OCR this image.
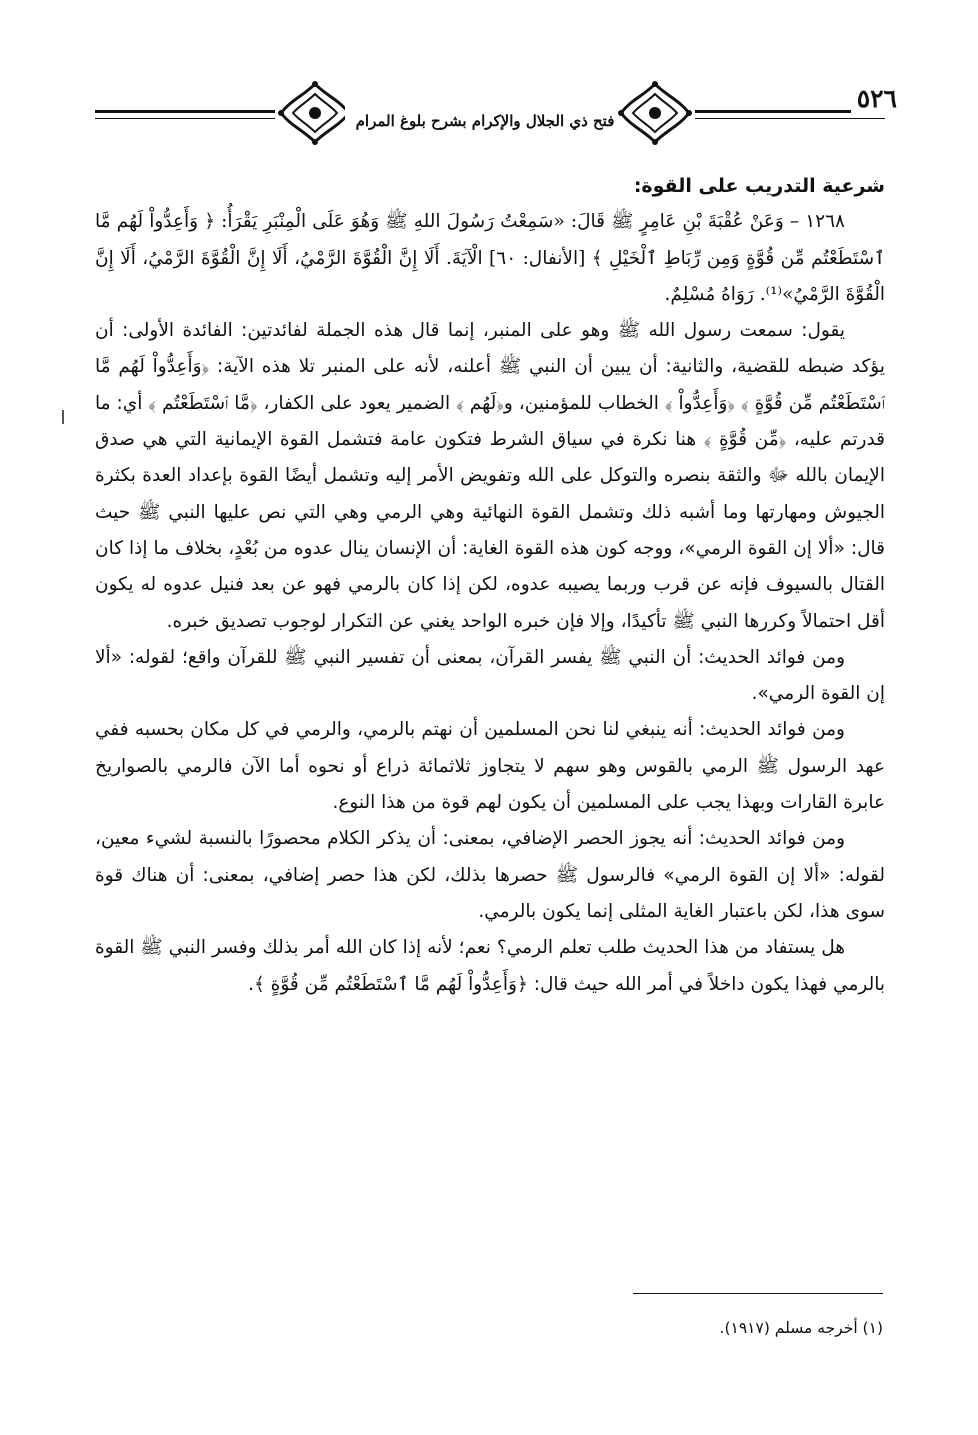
فتح ذي الجلال والإكرام بشرح بلوغ المرام
٥٢٦

شرعية التدريب على القوة:

١٢٦٨ – وَعَنْ عُقْبَةَ بْنِ عَامِرٍ ﷺ قَالَ: «سَمِعْتُ رَسُولَ اللهِ ﷺ وَهُوَ عَلَى الْمِنْبَرِ يَقْرَأُ: ﴿ وَأَعِدُّواْ لَهُم مَّا ٱسْتَطَعْتُم مِّن قُوَّةٍ وَمِن رِّبَاطِ ٱلْخَيْلِ ﴾ [الأنفال: ٦٠] الْآيَةَ. أَلَا إِنَّ الْقُوَّةَ الرَّمْيُ، أَلَا إِنَّ الْقُوَّةَ الرَّمْيُ، أَلَا إِنَّ الْقُوَّةَ الرَّمْيُ»⁽¹⁾. رَوَاهُ مُسْلِمٌ.

يقول: سمعت رسول الله ﷺ وهو على المنبر، إنما قال هذه الجملة لفائدتين: الفائدة الأولى: أن يؤكد ضبطه للقضية، والثانية: أن يبين أن النبي ﷺ أعلنه، لأنه على المنبر تلا هذه الآية: ﴿وَأَعِدُّواْ لَهُم مَّا ٱسْتَطَعْتُم مِّن قُوَّةٍ ﴾ ﴿وَأَعِدُّواْ ﴾ الخطاب للمؤمنين، و﴿لَهُم ﴾ الضمير يعود على الكفار، ﴿مَّا ٱسْتَطَعْتُم ﴾ أي: ما قدرتم عليه، ﴿مِّن قُوَّةٍ ﴾ هنا نكرة في سياق الشرط فتكون عامة فتشمل القوة الإيمانية التي هي صدق الإيمان بالله ﷻ والثقة بنصره والتوكل على الله وتفويض الأمر إليه وتشمل أيضًا القوة بإعداد العدة بكثرة الجيوش ومهارتها وما أشبه ذلك وتشمل القوة النهائية وهي الرمي وهي التي نص عليها النبي ﷺ حيث قال: «ألا إن القوة الرمي»، ووجه كون هذه القوة الغاية: أن الإنسان ينال عدوه من بُعْدٍ، بخلاف ما إذا كان القتال بالسيوف فإنه عن قرب وربما يصيبه عدوه، لكن إذا كان بالرمي فهو عن بعد فنيل عدوه له يكون أقل احتمالاً وكررها النبي ﷺ تأكيدًا، وإلا فإن خبره الواحد يغني عن التكرار لوجوب تصديق خبره.

ومن فوائد الحديث: أن النبي ﷺ يفسر القرآن، بمعنى أن تفسير النبي ﷺ للقرآن واقع؛ لقوله: «ألا إن القوة الرمي».

ومن فوائد الحديث: أنه ينبغي لنا نحن المسلمين أن نهتم بالرمي، والرمي في كل مكان بحسبه ففي عهد الرسول ﷺ الرمي بالقوس وهو سهم لا يتجاوز ثلاثمائة ذراع أو نحوه أما الآن فالرمي بالصواريخ عابرة القارات وبهذا يجب على المسلمين أن يكون لهم قوة من هذا النوع.

ومن فوائد الحديث: أنه يجوز الحصر الإضافي، بمعنى: أن يذكر الكلام محصورًا بالنسبة لشيء معين، لقوله: «ألا إن القوة الرمي» فالرسول ﷺ حصرها بذلك، لكن هذا حصر إضافي، بمعنى: أن هناك قوة سوى هذا، لكن باعتبار الغاية المثلى إنما يكون بالرمي.

هل يستفاد من هذا الحديث طلب تعلم الرمي؟ نعم؛ لأنه إذا كان الله أمر بذلك وفسر النبي ﷺ القوة بالرمي فهذا يكون داخلاً في أمر الله حيث قال: ﴿وَأَعِدُّواْ لَهُم مَّا ٱسْتَطَعْتُم مِّن قُوَّةٍ ﴾.

(١) أخرجه مسلم (١٩١٧).
